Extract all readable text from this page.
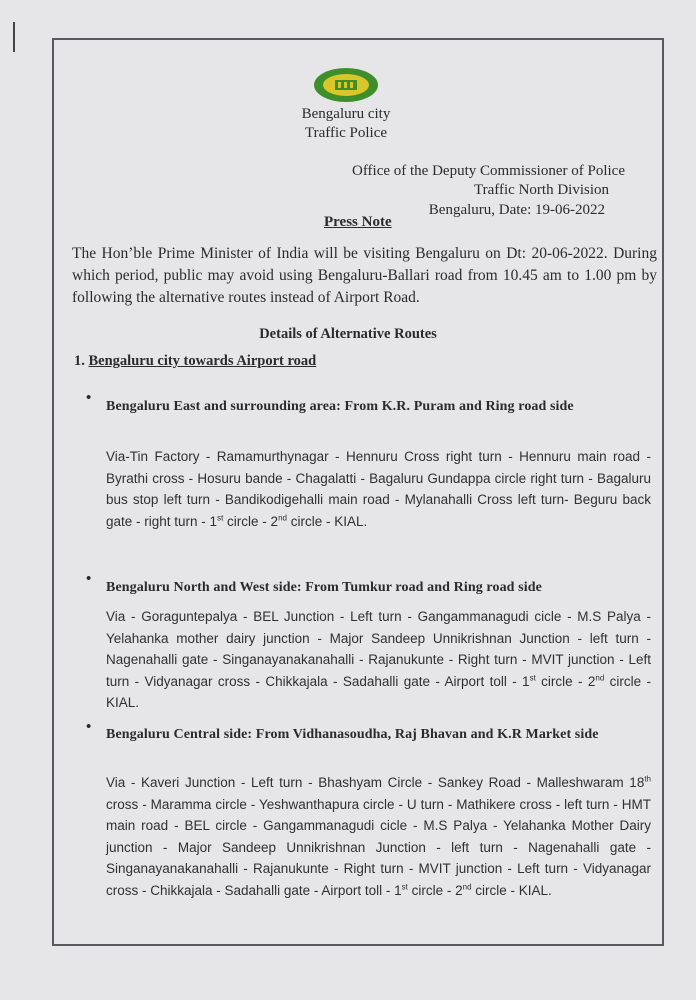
Bengaluru city
Traffic Police
Office of the Deputy Commissioner of Police
Traffic North Division
Bengaluru, Date: 19-06-2022
Press Note
The Hon’ble Prime Minister of India will be visiting Bengaluru on Dt: 20-06-2022. During which period, public may avoid using Bengaluru-Ballari road from 10.45 am to 1.00 pm by following the alternative routes instead of Airport Road.
Details of Alternative Routes
1. Bengaluru city towards Airport road
•
Bengaluru East and surrounding area: From K.R. Puram and Ring road side
Via-Tin Factory - Ramamurthynagar - Hennuru Cross right turn - Hennuru main road - Byrathi cross - Hosuru bande - Chagalatti - Bagaluru Gundappa circle right turn - Bagaluru bus stop left turn - Bandikodigehalli main road - Mylanahalli Cross left turn- Beguru back gate - right turn - 1st circle - 2nd circle - KIAL.
•
Bengaluru North and West side: From Tumkur road and Ring road side
Via - Goraguntepalya - BEL Junction - Left turn - Gangammanagudi cicle - M.S Palya - Yelahanka mother dairy junction - Major Sandeep Unnikrishnan Junction - left turn - Nagenahalli gate - Singanayanakanahalli - Rajanukunte - Right turn - MVIT junction - Left turn - Vidyanagar cross - Chikkajala - Sadahalli gate - Airport toll - 1st circle - 2nd circle - KIAL.
• Bengaluru Central side: From Vidhanasoudha, Raj Bhavan and K.R Market side
Via - Kaveri Junction - Left turn - Bhashyam Circle - Sankey Road - Malleshwaram 18th cross - Maramma circle - Yeshwanthapura circle - U turn - Mathikere cross - left turn - HMT main road - BEL circle - Gangammanagudi cicle - M.S Palya - Yelahanka Mother Dairy junction - Major Sandeep Unnikrishnan Junction - left turn - Nagenahalli gate - Singanayanakanahalli - Rajanukunte - Right turn - MVIT junction - Left turn - Vidyanagar cross - Chikkajala - Sadahalli gate - Airport toll - 1st circle - 2nd circle - KIAL.
